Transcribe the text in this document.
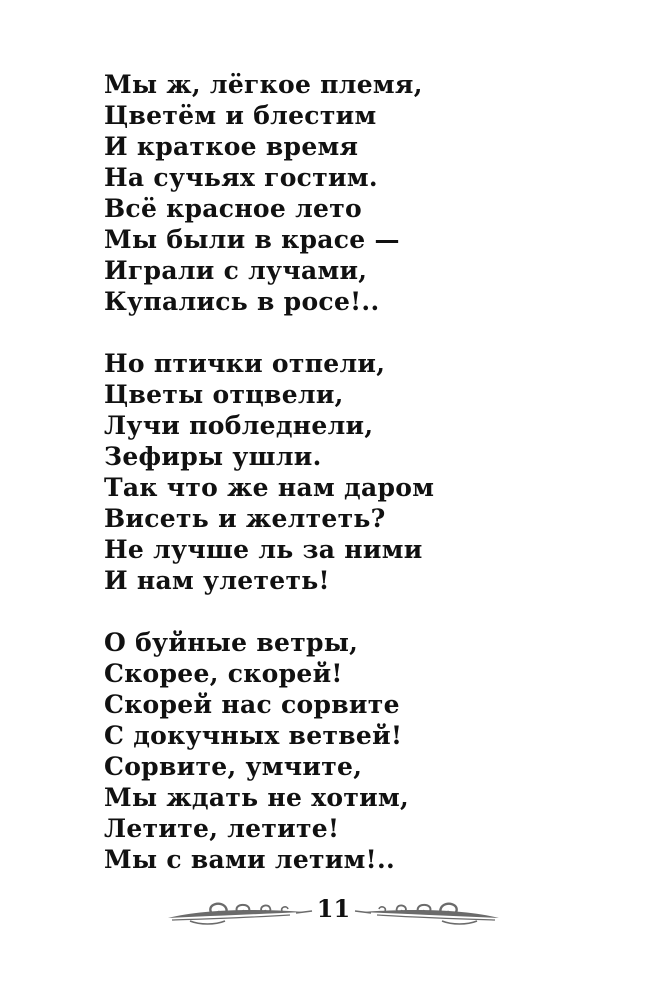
Мы ж, лёгкое племя,
Цветём и блестим
И краткое время
На сучьях гостим.
Всё красное лето
Мы были в красе —
Играли с лучами,
Купались в росе!..

Но птички отпели,
Цветы отцвели,
Лучи побледнели,
Зефиры ушли.
Так что же нам даром
Висеть и желтеть?
Не лучше ль за ними
И нам улететь!

О буйные ветры,
Скорее, скорей!
Скорей нас сорвите
С докучных ветвей!
Сорвите, умчите,
Мы ждать не хотим,
Летите, летите!
Мы с вами летим!..

11
